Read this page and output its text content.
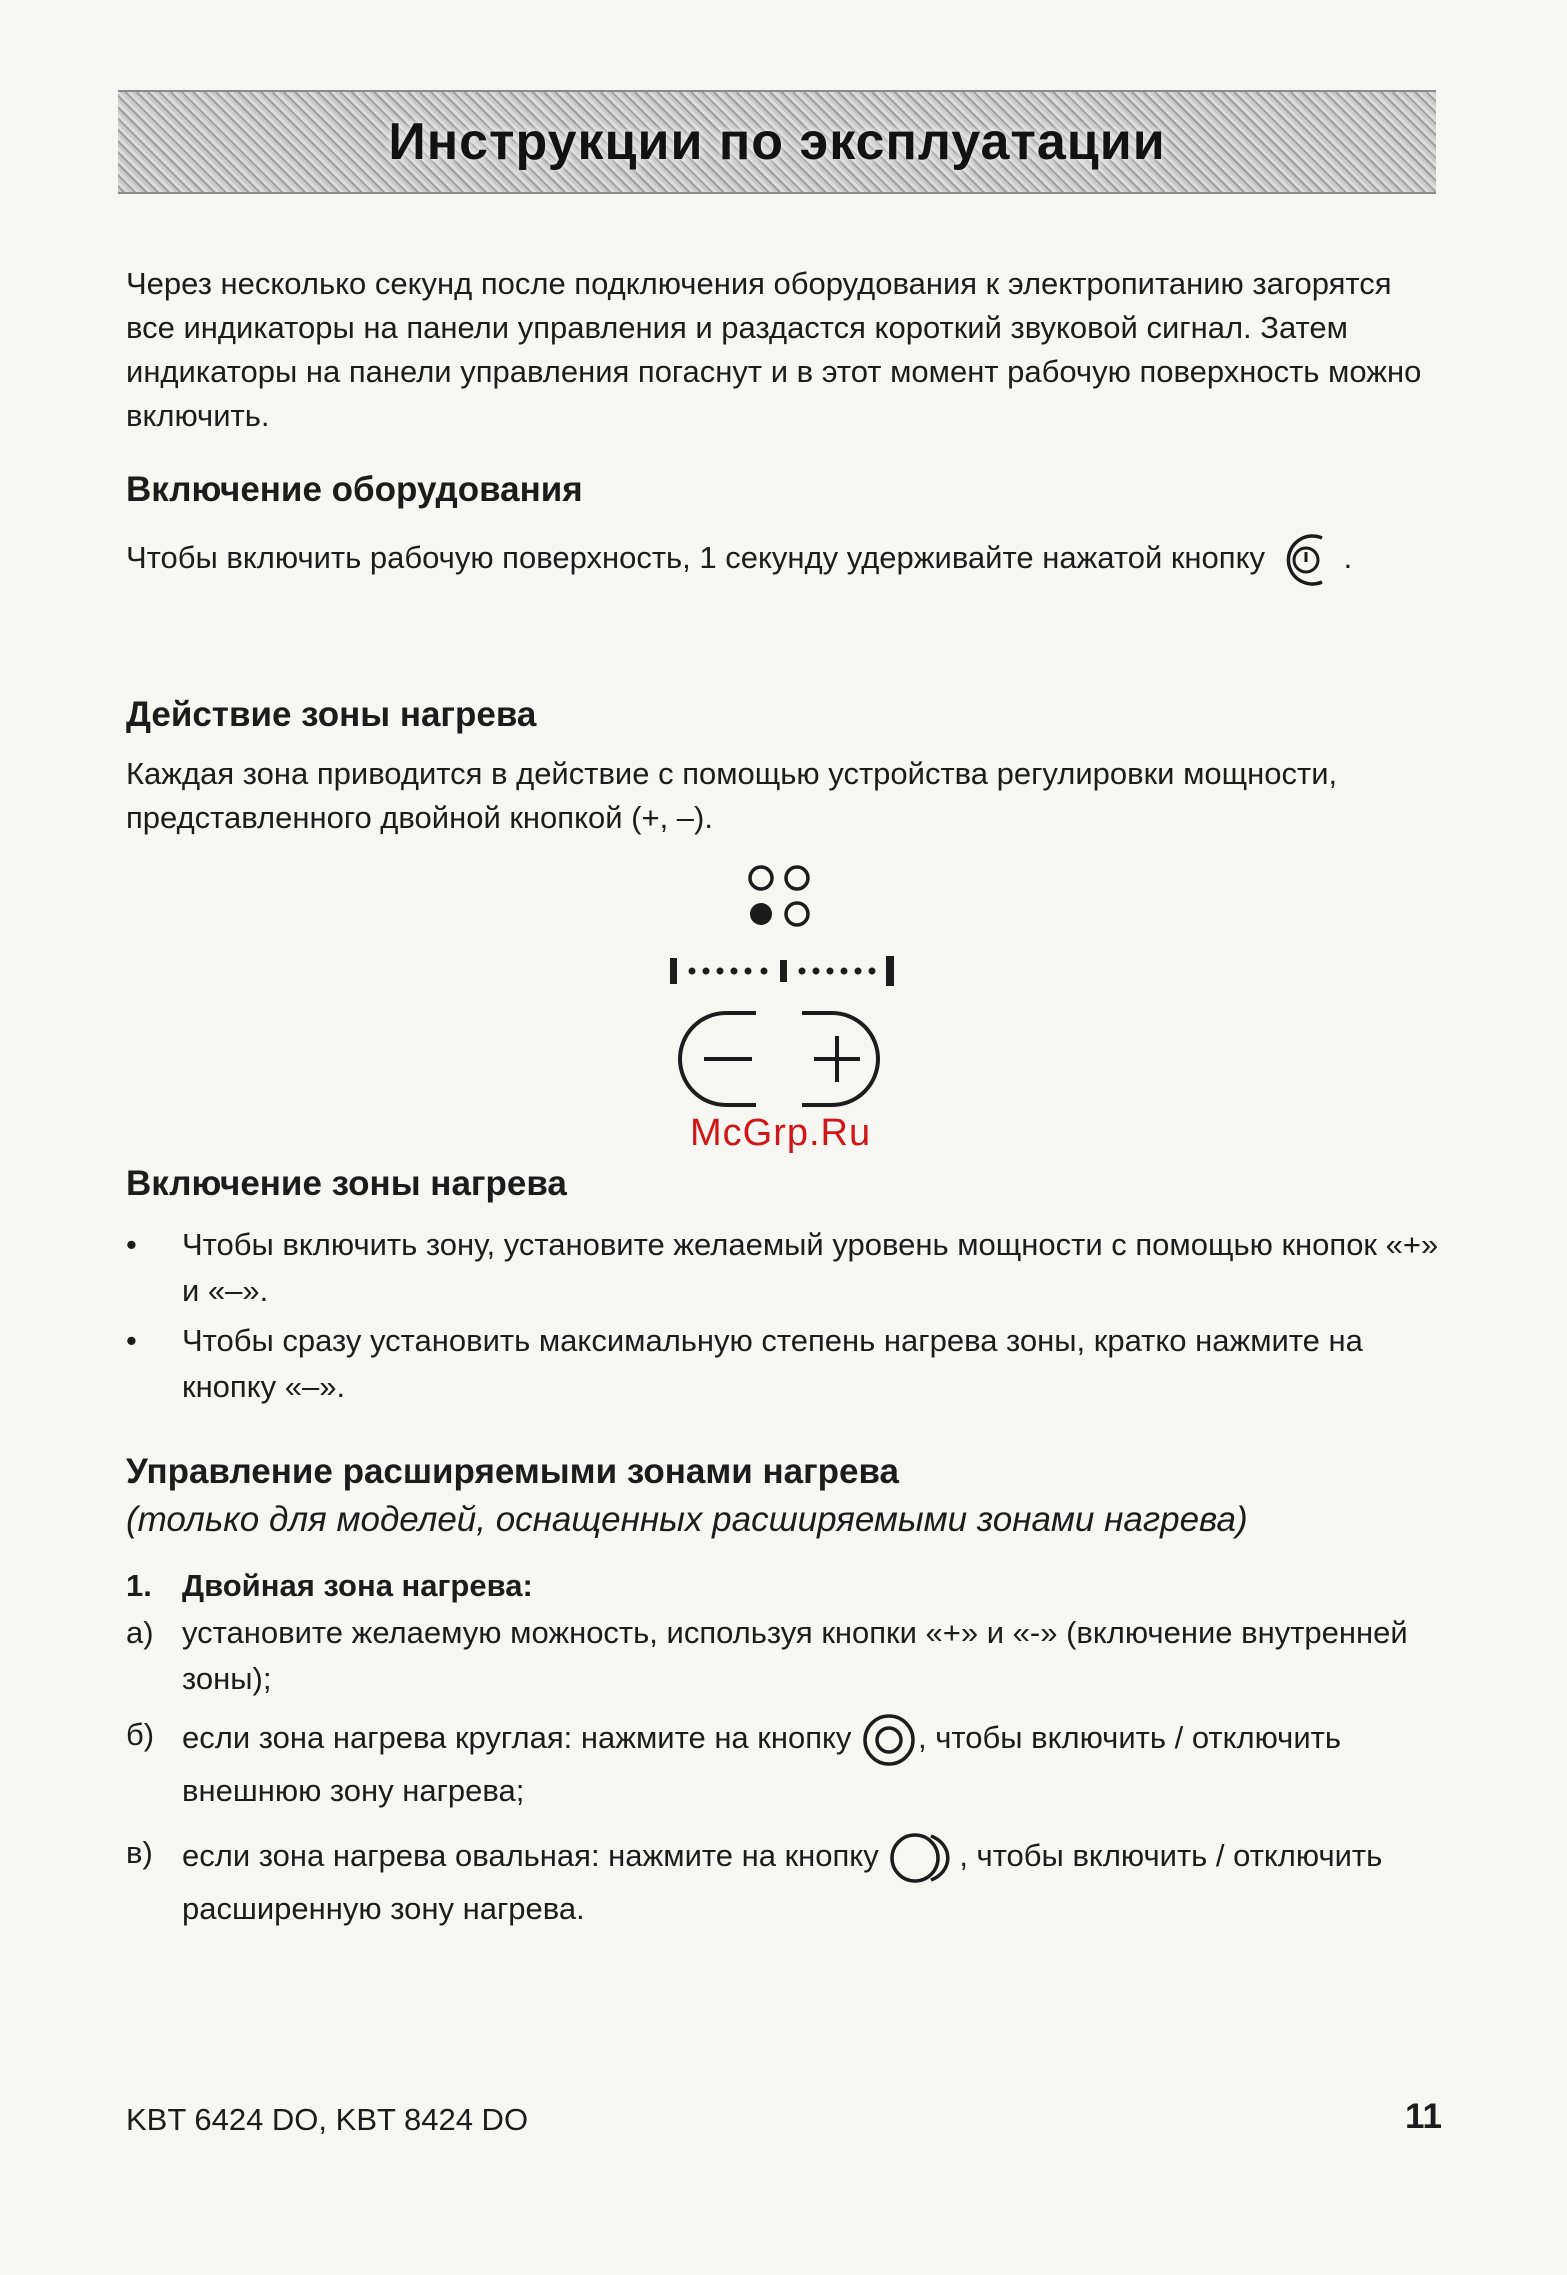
Инструкции по эксплуатации
Через несколько секунд после подключения оборудования к электропитанию загорятся все индикаторы на панели управления и раздастся короткий звуковой сигнал. Затем индикаторы на панели управления погаснут и в этот момент рабочую поверхность можно включить.
Включение оборудования
Чтобы включить рабочую поверхность, 1 секунду удерживайте нажатой кнопку	.
Действие зоны нагрева
Каждая зона приводится в действие с помощью устройства регулировки мощности, представленного двойной кнопкой (+, –).
McGrp.Ru
Включение зоны нагрева
•	Чтобы включить зону, установите желаемый уровень мощности с помощью кнопок «+» и «–».
•	Чтобы сразу установить максимальную степень нагрева зоны, кратко нажмите на кнопку «–».
Управление расширяемыми зонами нагрева
(только для моделей, оснащенных расширяемыми зонами нагрева)
1. Двойная зона нагрева:
а) установите желаемую можность, используя кнопки «+» и «-» (включение внутренней зоны);
б) если зона нагрева круглая: нажмите на кнопку , чтобы включить / отключить внешнюю зону нагрева;
в) если зона нагрева овальная: нажмите на кнопку	, чтобы включить / отключить расширенную зону нагрева.
KBT 6424 DO, KBT 8424 DO	11
